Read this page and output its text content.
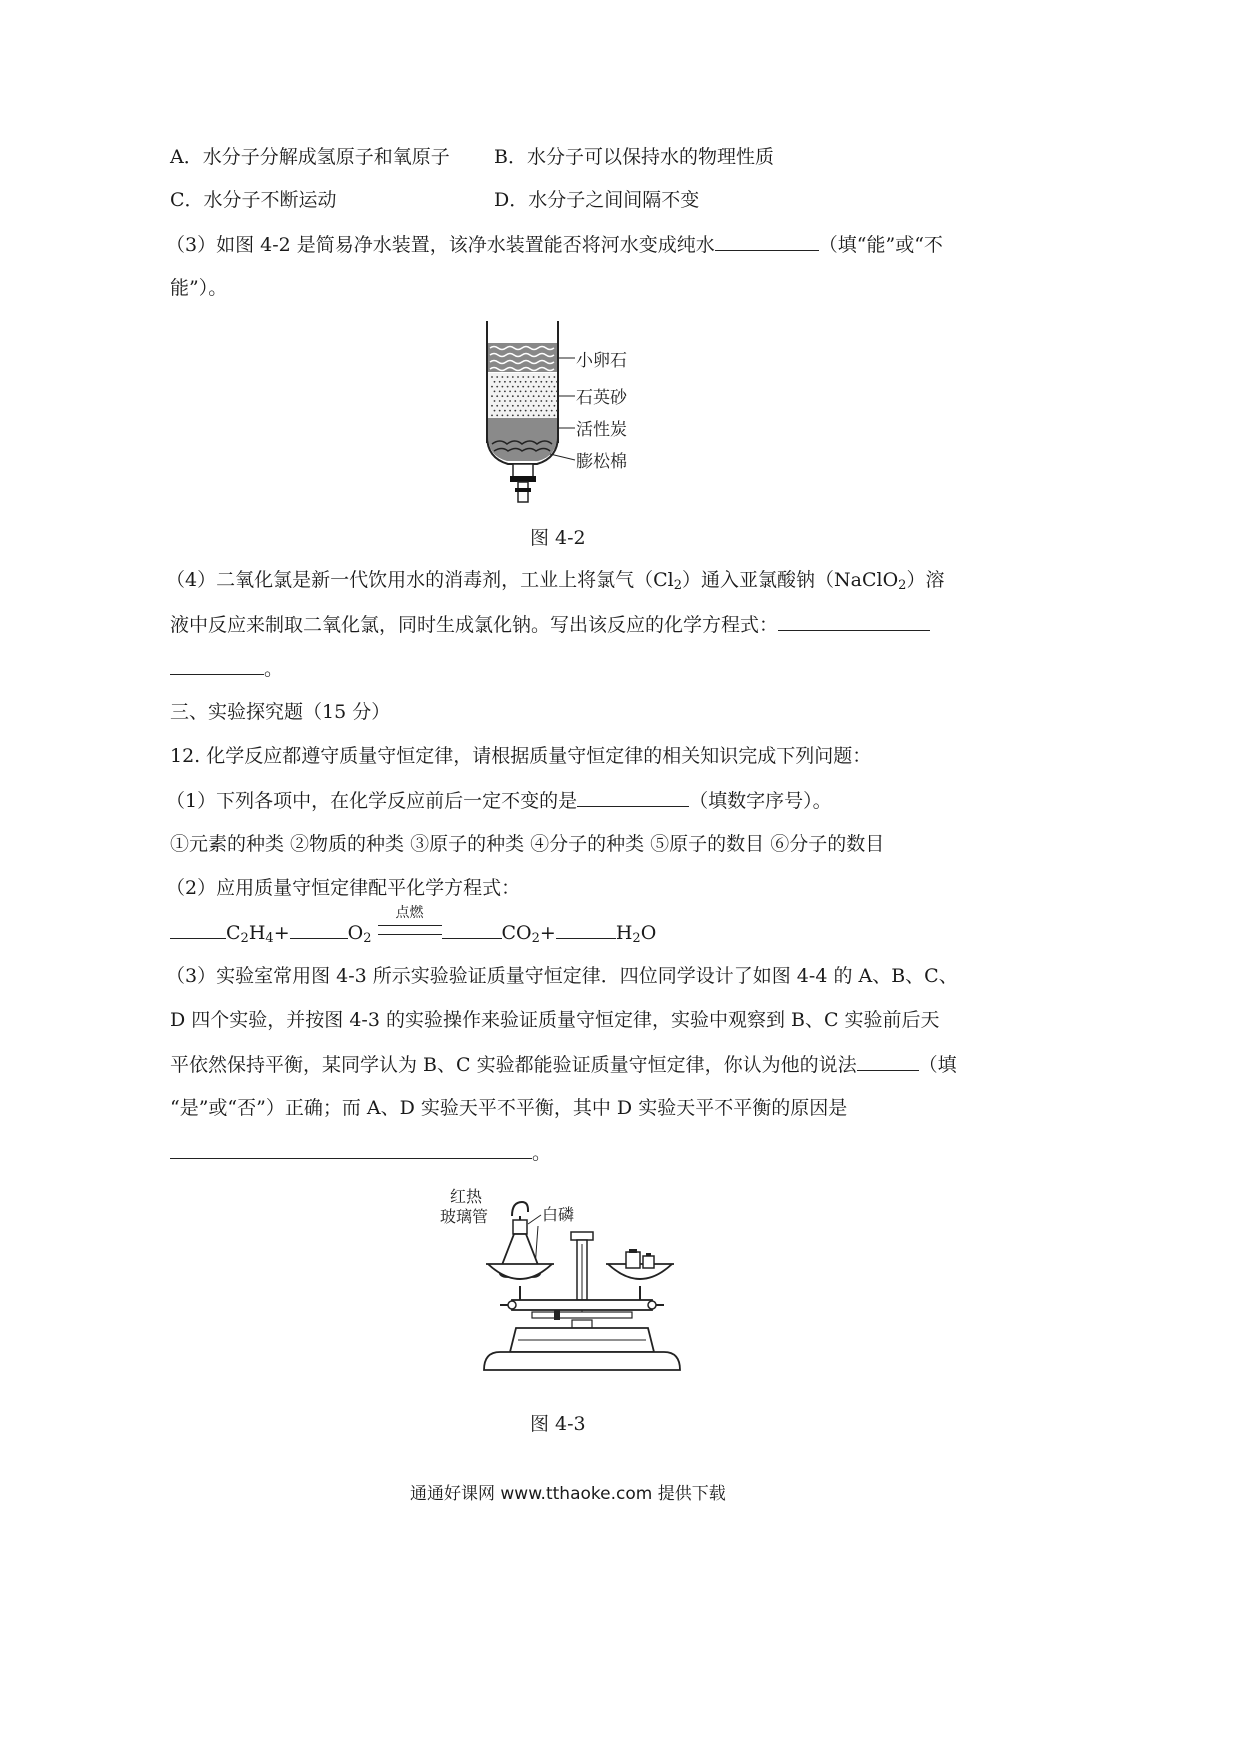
A．水分子分解成氢原子和氧原子 B．水分子可以保持水的物理性质
C．水分子不断运动	D．水分子之间间隔不变
（3）如图 4-2 是简易净水装置，该净水装置能否将河水变成纯水	（填“能”或“不
能”）。
小卵石
石英砂
活性炭
膨松棉
图 4-2
（4）二氧化氯是新一代饮用水的消毒剂，工业上将氯气$(Cl_2)$通入亚氯酸钠（NaClO$_2$）溶
液中反应来制取二氧化氯，同时生成氯化钠。写出该反应的化学方程式：
。
三、实验探究题（15 分）
12. 化学反应都遵守质量守恒定律，请根据质量守恒定律的相关知识完成下列问题：
（1）下列各项中，在化学反应前后一定不变的是	（填数字序号）。
①元素的种类 ②物质的种类 ③原子的种类 ④分子的种类 ⑤原子的数目 ⑥分子的数目
（2）应用质量守恒定律配平化学方程式：
$C_2H_4+$	$O_2$
点燃
$CO_2+$	$H_2O$
（3）实验室常用图 4-3 所示实验验证质量守恒定律．四位同学设计了如图 4-4 的 A、B、C、
D 四个实验，并按图 4-3 的实验操作来验证质量守恒定律，实验中观察到 B、C 实验前后天
平依然保持平衡，某同学认为 B、C 实验都能验证质量守恒定律，你认为他的说法	（填
“是”或“否”）正确；而 A、D 实验天平不平衡，其中 D 实验天平不平衡的原因是
。
红热
玻璃管	白磷
图 4-3
通通好课网 www.tthaoke.com 提供下载
